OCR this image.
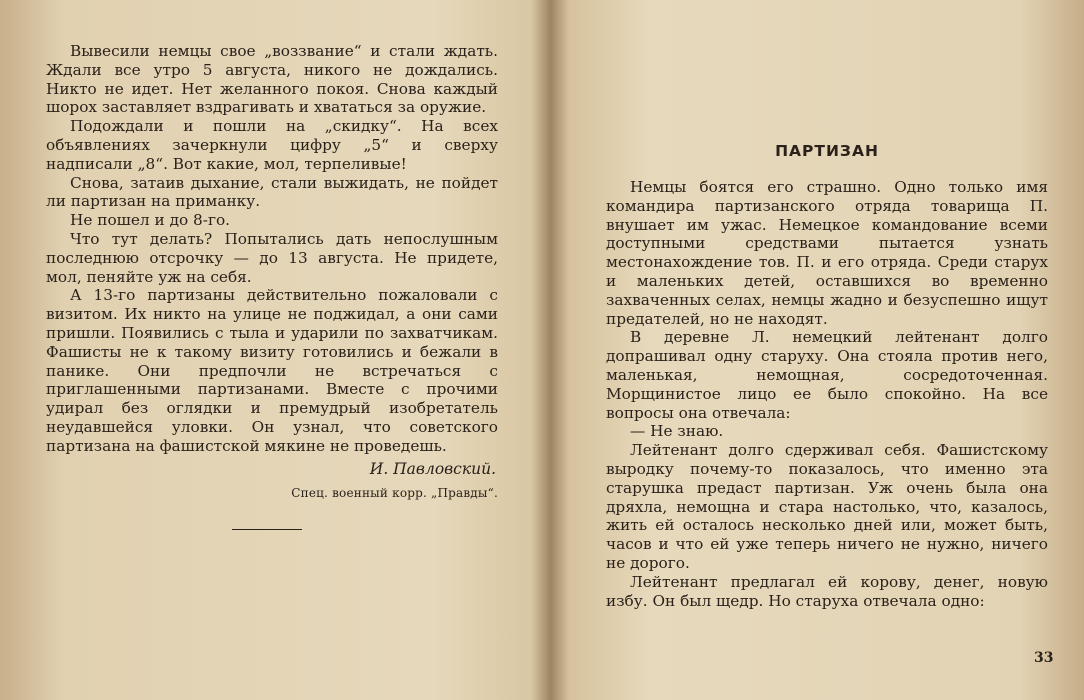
Вывесили немцы свое „воззвание“ и стали ждать. Ждали все утро 5 августа, никого не дождались. Никто не идет. Нет желанного покоя. Снова каждый шорох заставляет вздрагивать и хвататься за оружие.

Подождали и пошли на „скидку“. На всех объявлениях зачеркнули цифру „5“ и сверху надписали „8“. Вот какие, мол, терпеливые!

Снова, затаив дыхание, стали выжидать, не пойдет ли партизан на приманку.

Не пошел и до 8-го.

Что тут делать? Попытались дать непослушным последнюю отсрочку — до 13 августа. Не придете, мол, пеняйте уж на себя.

А 13-го партизаны действительно пожаловали с визитом. Их никто на улице не поджидал, а они сами пришли. Появились с тыла и ударили по захватчикам. Фашисты не к такому визиту готовились и бежали в панике. Они предпочли не встречаться с приглашенными партизанами. Вместе с прочими удирал без оглядки и премудрый изобретатель неудавшейся уловки. Он узнал, что советского партизана на фашистской мякине не проведешь.

И. Павловский.
Спец. военный корр. „Правды“.
ПАРТИЗАН

Немцы боятся его страшно. Одно только имя командира партизанского отряда товарища П. внушает им ужас. Немецкое командование всеми доступными средствами пытается узнать местонахождение тов. П. и его отряда. Среди старух и маленьких детей, оставшихся во временно захваченных селах, немцы жадно и безуспешно ищут предателей, но не находят.

В деревне Л. немецкий лейтенант долго допрашивал одну старуху. Она стояла против него, маленькая, немощная, сосредоточенная. Морщинистое лицо ее было спокойно. На все вопросы она отвечала:

— Не знаю.

Лейтенант долго сдерживал себя. Фашистскому выродку почему-то показалось, что именно эта старушка предаст партизан. Уж очень была она дряхла, немощна и стара настолько, что, казалось, жить ей осталось несколько дней или, может быть, часов и что ей уже теперь ничего не нужно, ничего не дорого.

Лейтенант предлагал ей корову, денег, новую избу. Он был щедр. Но старуха отвечала одно:

33
